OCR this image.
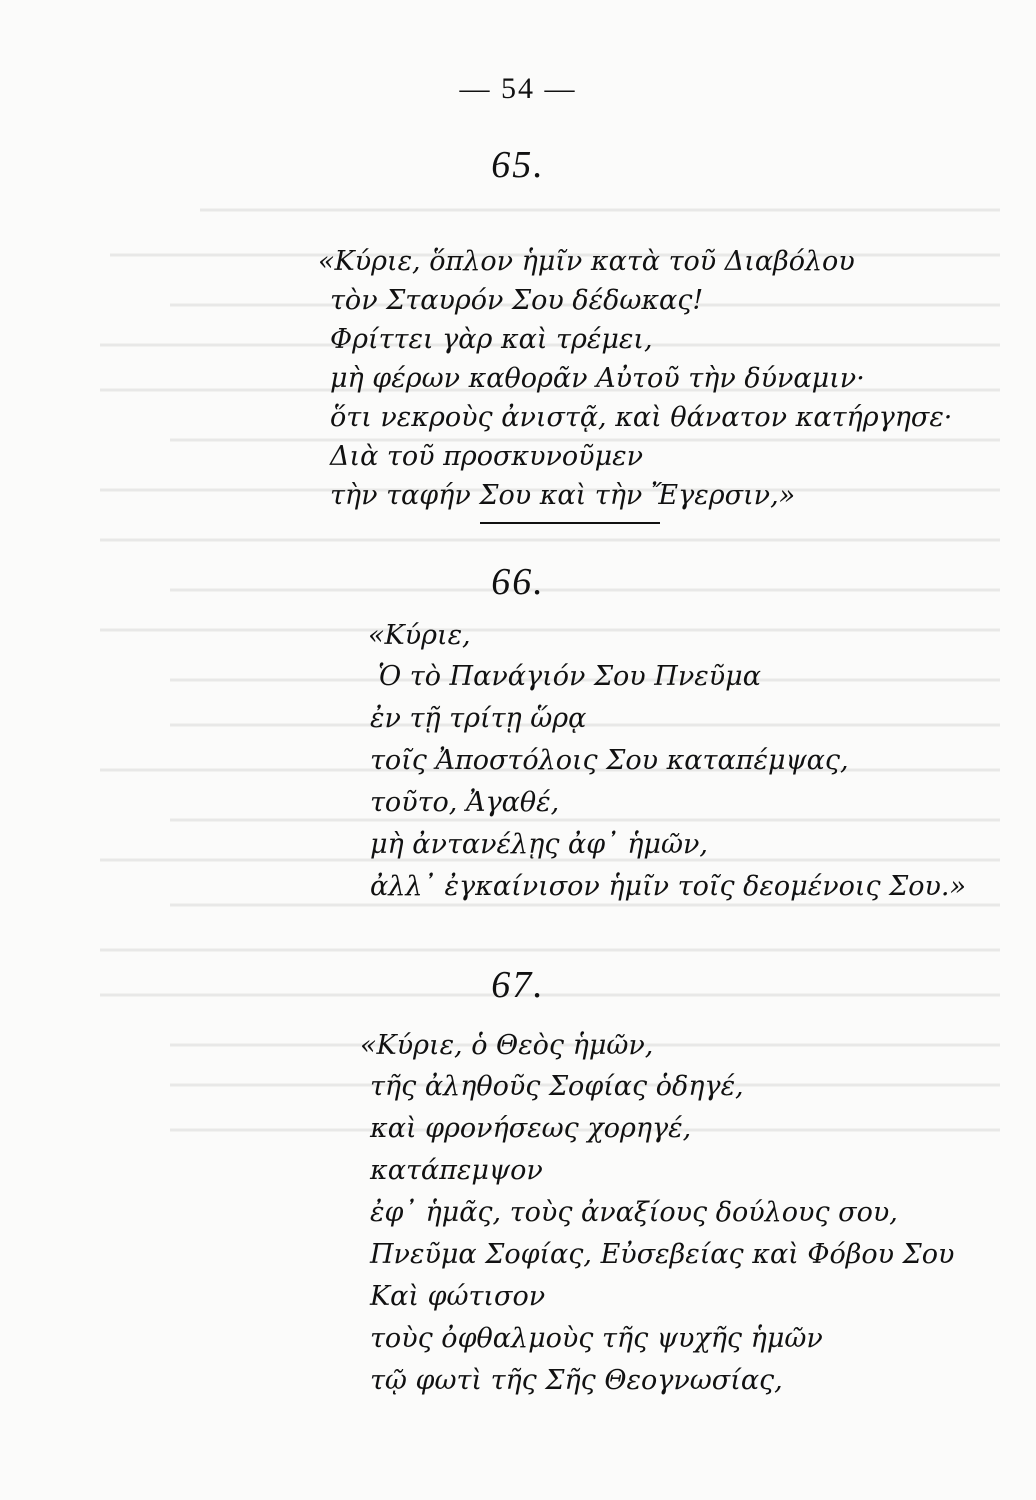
— 54 —
65.
«Κύριε, ὅπλον ἡμῖν κατὰ τοῦ Διαβόλου
τὸν Σταυρόν Σου δέδωκας!
Φρίττει γὰρ καὶ τρέμει,
μὴ φέρων καθορᾶν Αὐτοῦ τὴν δύναμιν·
ὅτι νεκροὺς ἀνιστᾷ, καὶ θάνατον κατήργησε·
Διὰ τοῦ προσκυνοῦμεν
τὴν ταφήν Σου καὶ τὴν Ἔγερσιν,»
66.
«Κύριε,
Ὁ τὸ Πανάγιόν Σου Πνεῦμα
ἐν τῇ τρίτῃ ὥρᾳ
τοῖς Ἀποστόλοις Σου καταπέμψας,
τοῦτο, Ἀγαθέ,
μὴ ἀντανέλῃς ἀφ᾽ ἡμῶν,
ἀλλ᾽ ἐγκαίνισον ἡμῖν τοῖς δεομένοις Σου.»
67.
«Κύριε, ὁ Θεὸς ἡμῶν,
τῆς ἀληθοῦς Σοφίας ὁδηγέ,
καὶ φρονήσεως χορηγέ,
κατάπεμψον
ἐφ᾽ ἡμᾶς, τοὺς ἀναξίους δούλους σου,
Πνεῦμα Σοφίας, Εὐσεβείας καὶ Φόβου Σου
Καὶ φώτισον
τοὺς ὀφθαλμοὺς τῆς ψυχῆς ἡμῶν
τῷ φωτὶ τῆς Σῆς Θεογνωσίας,
